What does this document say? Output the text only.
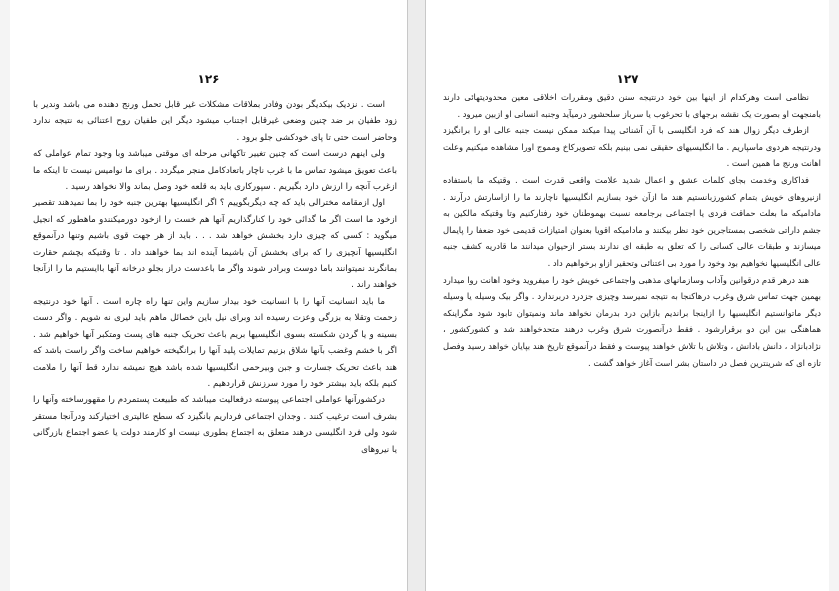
۱۲۶

است . نزدیک بیکدیگر بودن وفادر بملاقات مشکلات غیر قابل تحمل ورنج دهنده می باشد وندیر با زود طفیان بر ضد چنین وضعی غیرقابل اجتناب میشود دیگر این طفیان روح اعتنائی به نتیجه ندارد وحاضر است حتی تا پای خودکشی جلو برود .

ولی اینهم درست است که چنین تغییر تاکهانی مرحله ای موقتی میباشد وبا وجود تمام عواملی که باعث تعویق میشود تماس ما با غرب ناچار باتعادکامل منجر میگردد . برای ما نوامیس نیست تا اینکه ما ازغرب آنچه را ارزش دارد بگیریم . سپورکاری باید به قلعه خود وصل بماند والا نخواهد رسید .

اول ازمقامه مخترالی باید که چه دیگربگوییم ؟ اگر انگلیسیها بهترین جنبه خود را بما نمیدهند تقصیر ازخود ما است اگر ما گدائی خود را کنارگذاریم آنها هم خست را ازخود دورمیکنندو ماهطور که انجیل میگوید : کسی که چیزی دارد بخشش خواهد شد . . . باید از هر جهت قوی باشیم وتنها درآنموقع انگلیسیها آنچیزی را که برای بخشش آن باشیما آینده اند بما خواهند داد . تا وقتیکه بچشم حقارت بمانگرند نمیتوانند باما دوست وبرادر شوند واگر ما باعدست دراز بجلو درخانه آنها باایستیم ما را ازآنجا خواهند راند .

ما باید انسانیت آنها را با انسانیت خود بیدار سازیم واین تنها راه چاره است . آنها خود درنتیجه زحمت وتقلا به بزرگی وعزت رسیده اند وبرای نیل باین خصائل ماهم باید لیری نه شویم . واگر دست بسینه و یا گردن شکسته بسوی انگلیسیها بریم باعث تحریک جنبه های پست ومتکبر آنها خواهیم شد . اگر با خشم وغضب بآنها شلاق بزنیم تمایلات پلید آنها را برانگیخته خواهیم ساخت واگر راست باشد که هند باعث تحریک جسارت و جبن وبیرحمی انگلیسیها شده باشد هیچ نمیشه ندارد قط آنها را ملامت کنیم بلکه باید بیشتر خود را مورد سرزنش قراردهیم .

درکشورآنها عواملی اجتماعی پیوسته درفعالیت میباشد که طبیعت پستمردم را مقهورساخته وآنها را بشرف است ترغیب کنند . وجدان اجتماعی فرداریم بانگیزد که سطح عالیتری اختیارکند ودرآنجا مستقر شود ولی فرد انگلیسی درهند متعلق به اجتماع بطوری نیست او کارمند دولت یا عضو اجتماع بازرگانی یا نیروهای

۱۲۷

نظامی است وهرکدام از اینها بین خود درنتیجه سنن دقیق ومقررات اخلاقی معین محدودیتهائی دارند بامنجهت او بصورت یک نقشه برجهای با تحرغوب یا سرباز سلحشور درمیآید وجنبه انسانی او ازبین میرود .

ازطرف دیگر زوال هند که فرد انگلیسی با آن آشنائی پیدا میکند ممکن نیست جنبه عالی او را برانگیزد ودرنتیجه هردوی ماسپاریم . ما انگلیسیهای حقیقی نمی بینیم بلکه تصویرکاخ ومموج اورا مشاهده میکنیم وعلت اهانت ورنج ما همین است .

فداکاری وخدمت بجای کلمات عشق و اعمال شدید علامت واقعی قدرت است . وقتیکه ما باستفاده ازنیروهای خویش بتمام کشورزبانستیم هند ما ازآن خود بسازیم انگلیسیها ناچارند ما را ازاسارتش درآرند . مادامیکه ما بعلت حماقت فردی یا اجتماعی برجامعه نسبت بهموطنان خود رفتارکنیم وتا وقتیکه مالکین به جشم داراتی شخصی بمستاجرین خود نظر بیکنند و مادامیکه اقویا بعنوان امتیازات قدیمی خود ضعفا را پایمال میسازند و طبقات عالی کسانی را که تعلق به طبقه ای ندارند بستر ازحیوان میدانند ما قادریه کشف جنبه عالی انگلیسیها نخواهیم بود وخود را مورد بی اعتنائی وتحقیر ازاو برخواهیم داد .

هند درهر قدم درقوانین وآداب وسازمانهای مذهبی واجتماعی خویش خود را میفروید وخود اهانت روا میدارد بهمین جهت تماس شرق وغرب درهاکنجا به نتیجه نمیرسد وچیزی جزدرد دربرندارد . واگر بیک وسیله یا وسیله دیگر ماتوانستیم انگلیسیها را ازاینجا براندیم بازاین درد بدرمان نخواهد ماند ونمیتوان تابود شود مگراینکه هماهنگی بین این دو برقرارشود . فقط درآنصورت شرق وغرب درهند متحدخواهند شد و کشورکشور ، نژادبانژاد ، دانش بادانش ، وتلاش با تلاش خواهند پیوست و فقط درآنموقع تاریخ هند بپایان خواهد رسید وفصل تازه ای که شرینترین فصل در داستان بشر است آغاز خواهد گشت .
